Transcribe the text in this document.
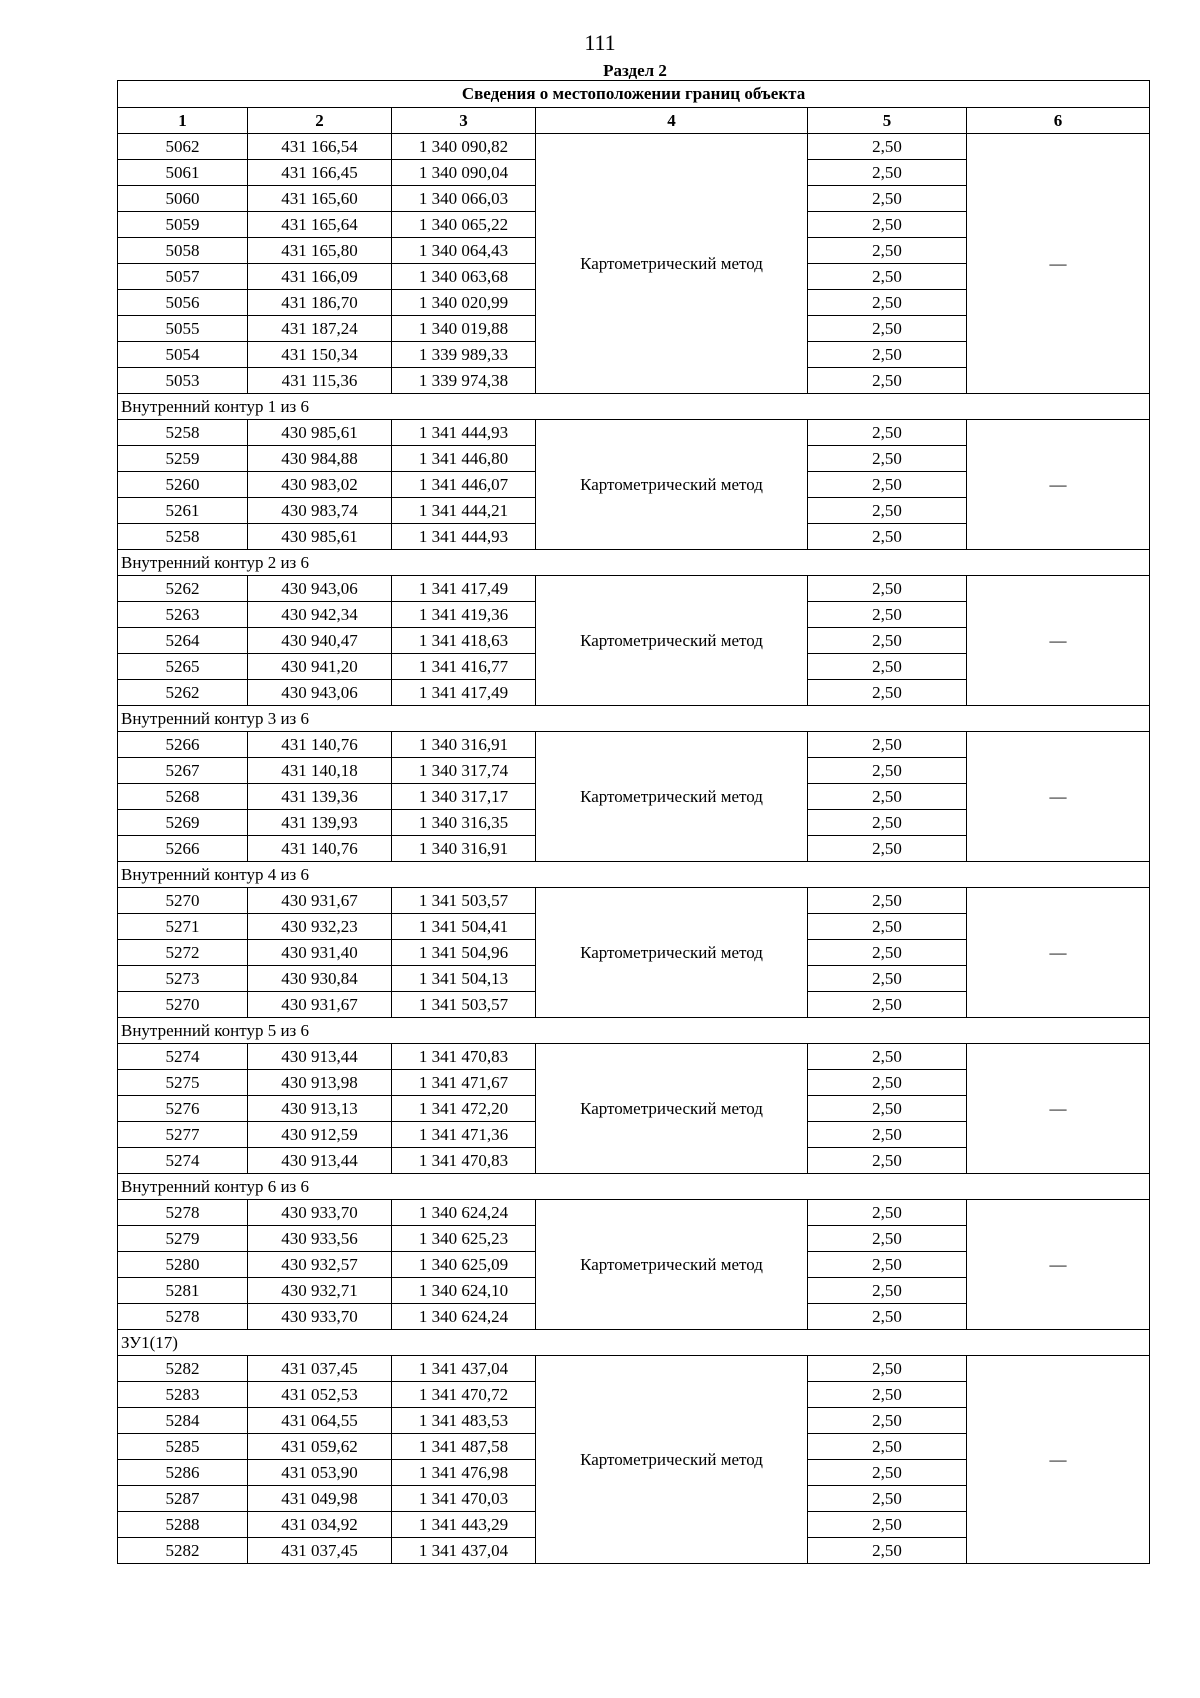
111
Раздел 2
Сведения о местоположении границ объекта					
1	2	3	4	5	6
5062	431 166,54	1 340 090,82	Картометрический метод	2,50	—
5061	431 166,45	1 340 090,04		2,50	
5060	431 165,60	1 340 066,03		2,50	
5059	431 165,64	1 340 065,22		2,50	
5058	431 165,80	1 340 064,43		2,50	
5057	431 166,09	1 340 063,68		2,50	
5056	431 186,70	1 340 020,99		2,50	
5055	431 187,24	1 340 019,88		2,50	
5054	431 150,34	1 339 989,33		2,50	
5053	431 115,36	1 339 974,38		2,50	
Внутренний контур 1 из 6					
5258	430 985,61	1 341 444,93	Картометрический метод	2,50	—
5259	430 984,88	1 341 446,80		2,50	
5260	430 983,02	1 341 446,07		2,50	
5261	430 983,74	1 341 444,21		2,50	
5258	430 985,61	1 341 444,93		2,50	
Внутренний контур 2 из 6					
5262	430 943,06	1 341 417,49	Картометрический метод	2,50	—
5263	430 942,34	1 341 419,36		2,50	
5264	430 940,47	1 341 418,63		2,50	
5265	430 941,20	1 341 416,77		2,50	
5262	430 943,06	1 341 417,49		2,50	
Внутренний контур 3 из 6					
5266	431 140,76	1 340 316,91	Картометрический метод	2,50	—
5267	431 140,18	1 340 317,74		2,50	
5268	431 139,36	1 340 317,17		2,50	
5269	431 139,93	1 340 316,35		2,50	
5266	431 140,76	1 340 316,91		2,50	
Внутренний контур 4 из 6					
5270	430 931,67	1 341 503,57	Картометрический метод	2,50	—
5271	430 932,23	1 341 504,41		2,50	
5272	430 931,40	1 341 504,96		2,50	
5273	430 930,84	1 341 504,13		2,50	
5270	430 931,67	1 341 503,57		2,50	
Внутренний контур 5 из 6					
5274	430 913,44	1 341 470,83	Картометрический метод	2,50	—
5275	430 913,98	1 341 471,67		2,50	
5276	430 913,13	1 341 472,20		2,50	
5277	430 912,59	1 341 471,36		2,50	
5274	430 913,44	1 341 470,83		2,50	
Внутренний контур 6 из 6					
5278	430 933,70	1 340 624,24	Картометрический метод	2,50	—
5279	430 933,56	1 340 625,23		2,50	
5280	430 932,57	1 340 625,09		2,50	
5281	430 932,71	1 340 624,10		2,50	
5278	430 933,70	1 340 624,24		2,50	
ЗУ1(17)					
5282	431 037,45	1 341 437,04	Картометрический метод	2,50	—
5283	431 052,53	1 341 470,72		2,50	
5284	431 064,55	1 341 483,53		2,50	
5285	431 059,62	1 341 487,58		2,50	
5286	431 053,90	1 341 476,98		2,50	
5287	431 049,98	1 341 470,03		2,50	
5288	431 034,92	1 341 443,29		2,50	
5282	431 037,45	1 341 437,04		2,50	
